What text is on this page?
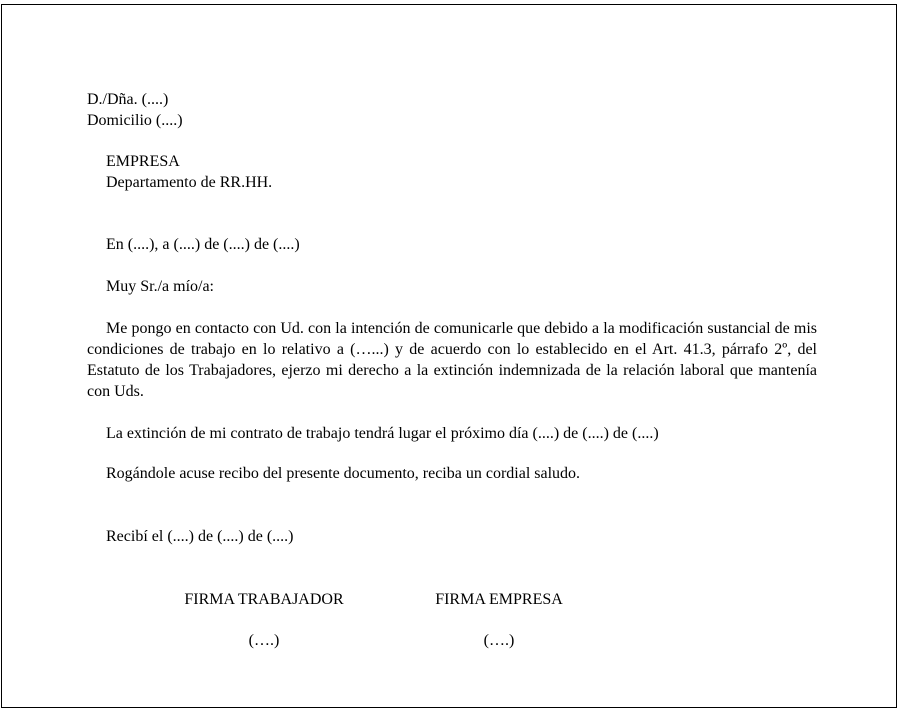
D./Dña. (....)

Domicilio (....)

EMPRESA

Departamento de RR.HH.

En (....), a (....) de (....) de (....)

Muy Sr./a mío/a:

Me pongo en contacto con Ud. con la intención de comunicarle que debido a la modificación sustancial de mis condiciones de trabajo en lo relativo a (…...) y de acuerdo con lo establecido en el Art. 41.3, párrafo 2º, del Estatuto de los Trabajadores, ejerzo mi derecho a la extinción indemnizada de la relación laboral que mantenía con Uds.

La extinción de mi contrato de trabajo tendrá lugar el próximo día (....) de (....) de (....)

Rogándole acuse recibo del presente documento, reciba un cordial saludo.

Recibí el (....) de (....) de (....)

FIRMA TRABAJADOR
(….)
FIRMA EMPRESA
(….)
